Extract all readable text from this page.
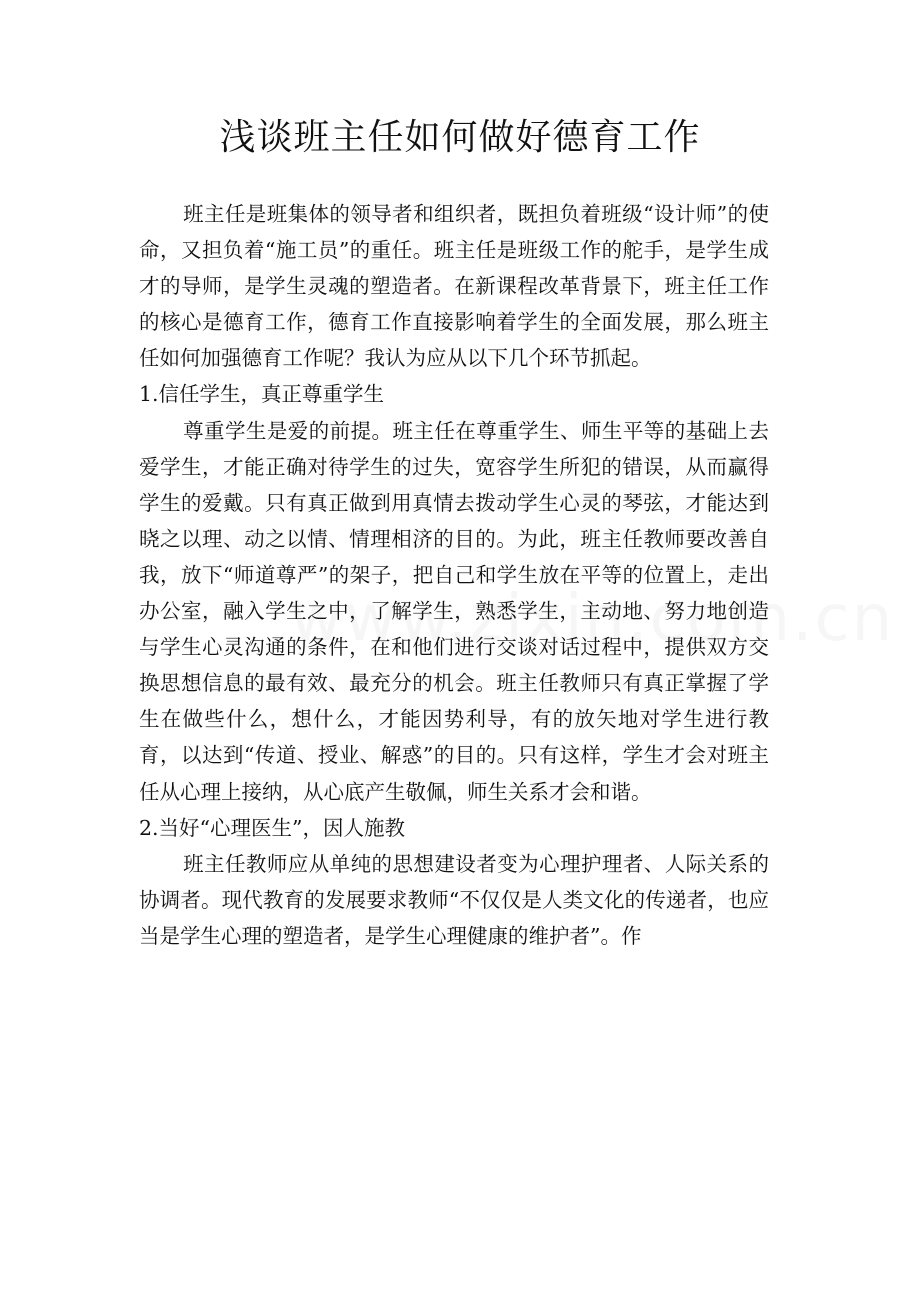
浅谈班主任如何做好德育工作

班主任是班集体的领导者和组织者，既担负着班级“设计师”的使命，又担负着“施工员”的重任。班主任是班级工作的舵手，是学生成才的导师，是学生灵魂的塑造者。在新课程改革背景下，班主任工作的核心是德育工作，德育工作直接影响着学生的全面发展，那么班主任如何加强德育工作呢？我认为应从以下几个环节抓起。

1.信任学生，真正尊重学生

尊重学生是爱的前提。班主任在尊重学生、师生平等的基础上去爱学生，才能正确对待学生的过失，宽容学生所犯的错误，从而赢得学生的爱戴。只有真正做到用真情去拨动学生心灵的琴弦，才能达到晓之以理、动之以情、情理相济的目的。为此，班主任教师要改善自我，放下“师道尊严”的架子，把自己和学生放在平等的位置上，走出办公室，融入学生之中，了解学生，熟悉学生，主动地、努力地创造与学生心灵沟通的条件，在和他们进行交谈对话过程中，提供双方交换思想信息的最有效、最充分的机会。班主任教师只有真正掌握了学生在做些什么，想什么，才能因势利导，有的放矢地对学生进行教育，以达到“传道、授业、解惑”的目的。只有这样，学生才会对班主任从心理上接纳，从心底产生敬佩，师生关系才会和谐。

2.当好“心理医生”，因人施教

班主任教师应从单纯的思想建设者变为心理护理者、人际关系的协调者。现代教育的发展要求教师“不仅仅是人类文化的传递者，也应当是学生心理的塑造者，是学生心理健康的维护者”。作
